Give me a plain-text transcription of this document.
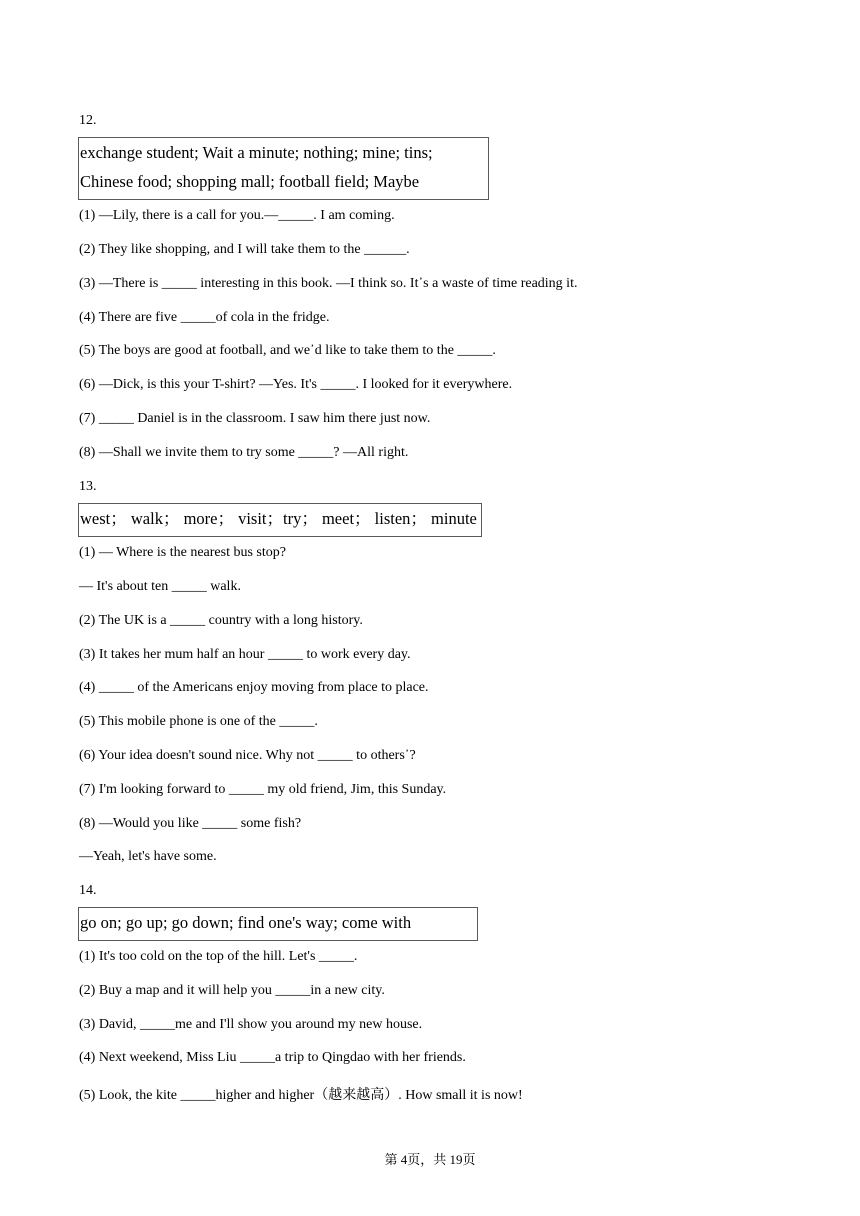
12.
exchange student; Wait a minute; nothing; mine; tins;
Chinese food; shopping mall; football field; Maybe
(1) —Lily, there is a call for you.—_____. I am coming.
(2) They like shopping, and I will take them to the ______.
(3) —There is _____ interesting in this book. —I think so. It᾽s a waste of time reading it.
(4) There are five _____of cola in the fridge.
(5) The boys are good at football, and we᾽d like to take them to the _____.
(6) —Dick, is this your T-shirt? —Yes. It's _____. I looked for it everywhere.
(7) _____ Daniel is in the classroom. I saw him there just now.
(8) —Shall we invite them to try some _____? —All right.
13.
west； walk； more； visit；try； meet； listen； minute
(1) — Where is the nearest bus stop?
— It's about ten _____ walk.
(2) The UK is a _____ country with a long history.
(3) It takes her mum half an hour _____ to work every day.
(4) _____ of the Americans enjoy moving from place to place.
(5) This mobile phone is one of the _____.
(6) Your idea doesn't sound nice. Why not _____ to others᾽?
(7) I'm looking forward to _____ my old friend, Jim, this Sunday.
(8) —Would you like _____ some fish?
—Yeah, let's have some.
14.
go on; go up; go down; find one's way; come with
(1) It's too cold on the top of the hill. Let's _____.
(2) Buy a map and it will help you _____in a new city.
(3) David, _____me and I'll show you around my new house.
(4) Next weekend, Miss Liu _____a trip to Qingdao with her friends.
(5) Look, the kite _____higher and higher（越来越高）. How small it is now!
第 4页，共 19页
